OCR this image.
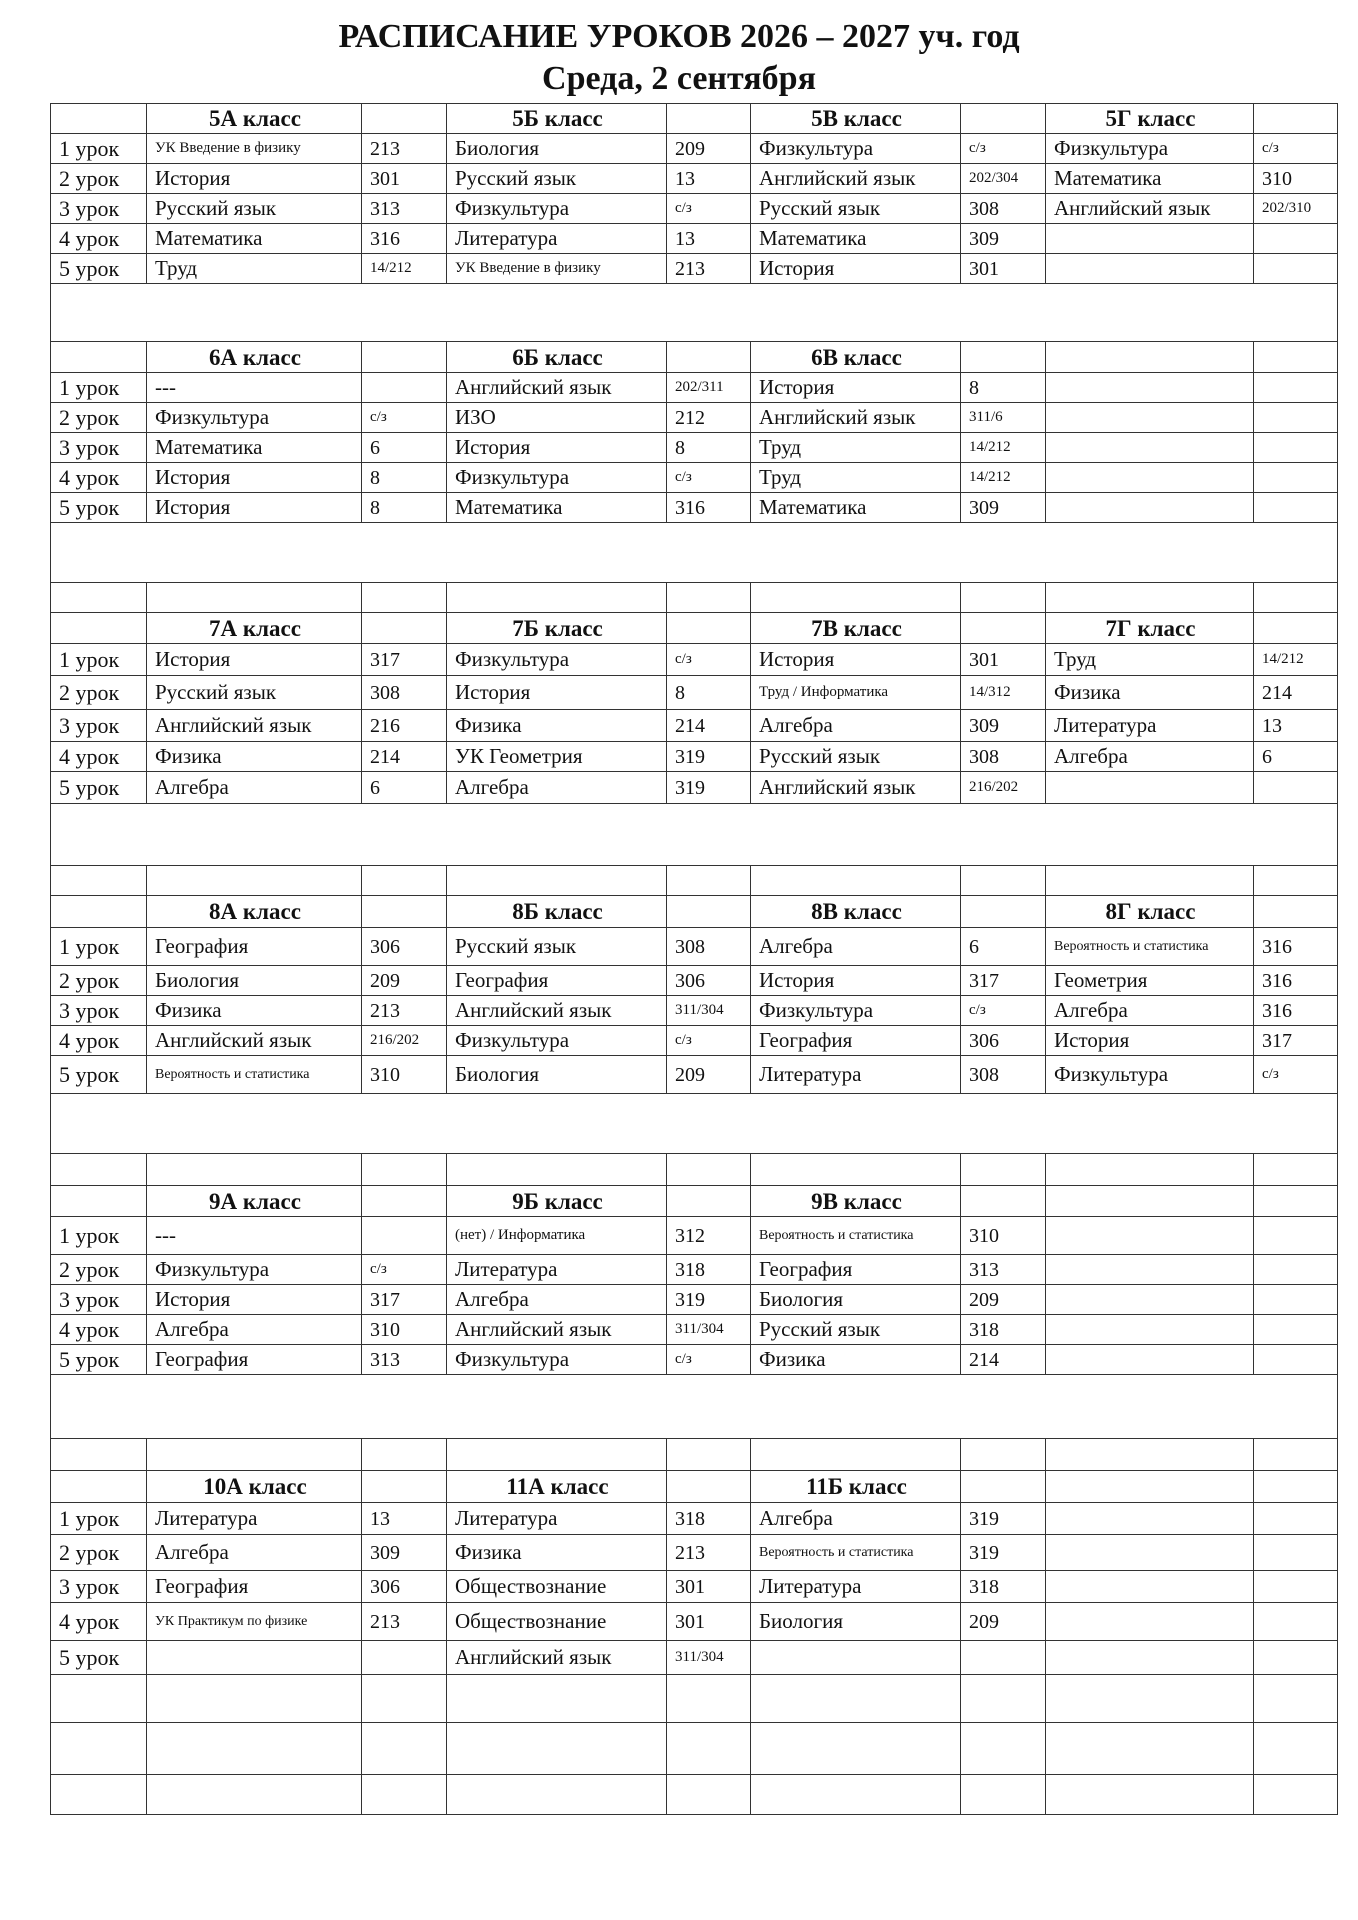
РАСПИСАНИЕ УРОКОВ 2026 – 2027 уч. год
Среда, 2 сентября
	5А класс		5Б класс		5В класс		5Г класс	
1 урок	УК Введение в физику	213	Биология	209	Физкультура	с/з	Физкультура	с/з
2 урок	История	301	Русский язык	13	Английский язык	202/304	Математика	310
3 урок	Русский язык	313	Физкультура	с/з	Русский язык	308	Английский язык	202/310
4 урок	Математика	316	Литература	13	Математика	309		
5 урок	Труд	14/212	УК Введение в физику	213	История	301		

	6А класс		6Б класс		6В класс			
1 урок	---		Английский язык	202/311	История	8		
2 урок	Физкультура	с/з	ИЗО	212	Английский язык	311/6		
3 урок	Математика	6	История	8	Труд	14/212		
4 урок	История	8	Физкультура	с/з	Труд	14/212		
5 урок	История	8	Математика	316	Математика	309		

	7А класс		7Б класс		7В класс		7Г класс	
1 урок	История	317	Физкультура	с/з	История	301	Труд	14/212
2 урок	Русский язык	308	История	8	Труд / Информатика	14/312	Физика	214
3 урок	Английский язык	216	Физика	214	Алгебра	309	Литература	13
4 урок	Физика	214	УК Геометрия	319	Русский язык	308	Алгебра	6
5 урок	Алгебра	6	Алгебра	319	Английский язык	216/202		

	8А класс		8Б класс		8В класс		8Г класс	
1 урок	География	306	Русский язык	308	Алгебра	6	Вероятность и статистика	316
2 урок	Биология	209	География	306	История	317	Геометрия	316
3 урок	Физика	213	Английский язык	311/304	Физкультура	с/з	Алгебра	316
4 урок	Английский язык	216/202	Физкультура	с/з	География	306	История	317
5 урок	Вероятность и статистика	310	Биология	209	Литература	308	Физкультура	с/з

	9А класс		9Б класс		9В класс			
1 урок	---		(нет) / Информатика	312	Вероятность и статистика	310		
2 урок	Физкультура	с/з	Литература	318	География	313		
3 урок	История	317	Алгебра	319	Биология	209		
4 урок	Алгебра	310	Английский язык	311/304	Русский язык	318		
5 урок	География	313	Физкультура	с/з	Физика	214		

	10А класс		11А класс		11Б класс			
1 урок	Литература	13	Литература	318	Алгебра	319		
2 урок	Алгебра	309	Физика	213	Вероятность и статистика	319		
3 урок	География	306	Обществознание	301	Литература	318		
4 урок	УК Практикум по физике	213	Обществознание	301	Биология	209		
5 урок			Английский язык	311/304				
